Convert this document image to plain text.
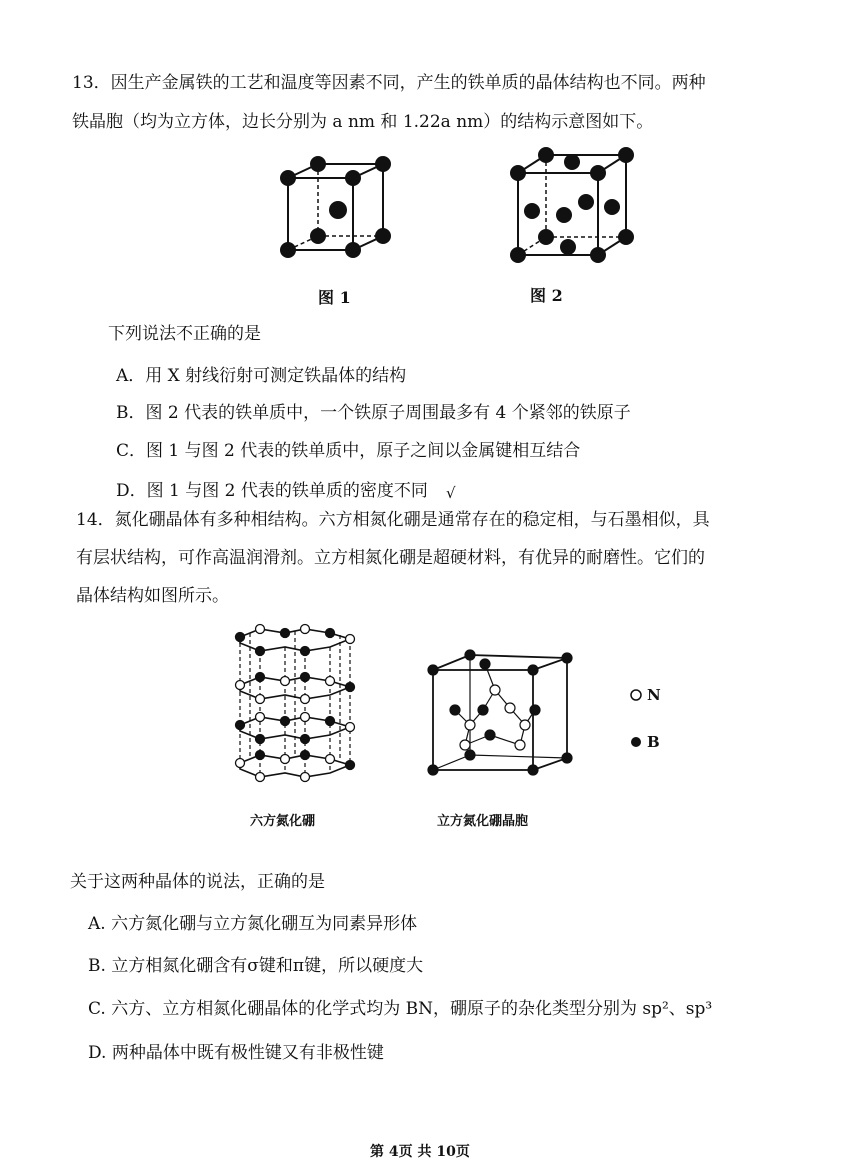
13．因生产金属铁的工艺和温度等因素不同，产生的铁单质的晶体结构也不同。两种
铁晶胞（均为立方体，边长分别为 a nm 和 1.22a nm）的结构示意图如下。
图 1	图 2
下列说法不正确的是
A．用 X 射线衍射可测定铁晶体的结构
B．图 2 代表的铁单质中，一个铁原子周围最多有 4 个紧邻的铁原子
C．图 1 与图 2 代表的铁单质中，原子之间以金属键相互结合
D．图 1 与图 2 代表的铁单质的密度不同 √
14．氮化硼晶体有多种相结构。六方相氮化硼是通常存在的稳定相，与石墨相似，具
有层状结构，可作高温润滑剂。立方相氮化硼是超硬材料，有优异的耐磨性。它们的
晶体结构如图所示。
N
B
六方氮化硼	立方氮化硼晶胞
关于这两种晶体的说法，正确的是
A. 六方氮化硼与立方氮化硼互为同素异形体
B. 立方相氮化硼含有σ键和π键，所以硬度大
C. 六方、立方相氮化硼晶体的化学式均为 BN，硼原子的杂化类型分别为 sp²、sp³
D. 两种晶体中既有极性键又有非极性键
第 4页 共 10页
